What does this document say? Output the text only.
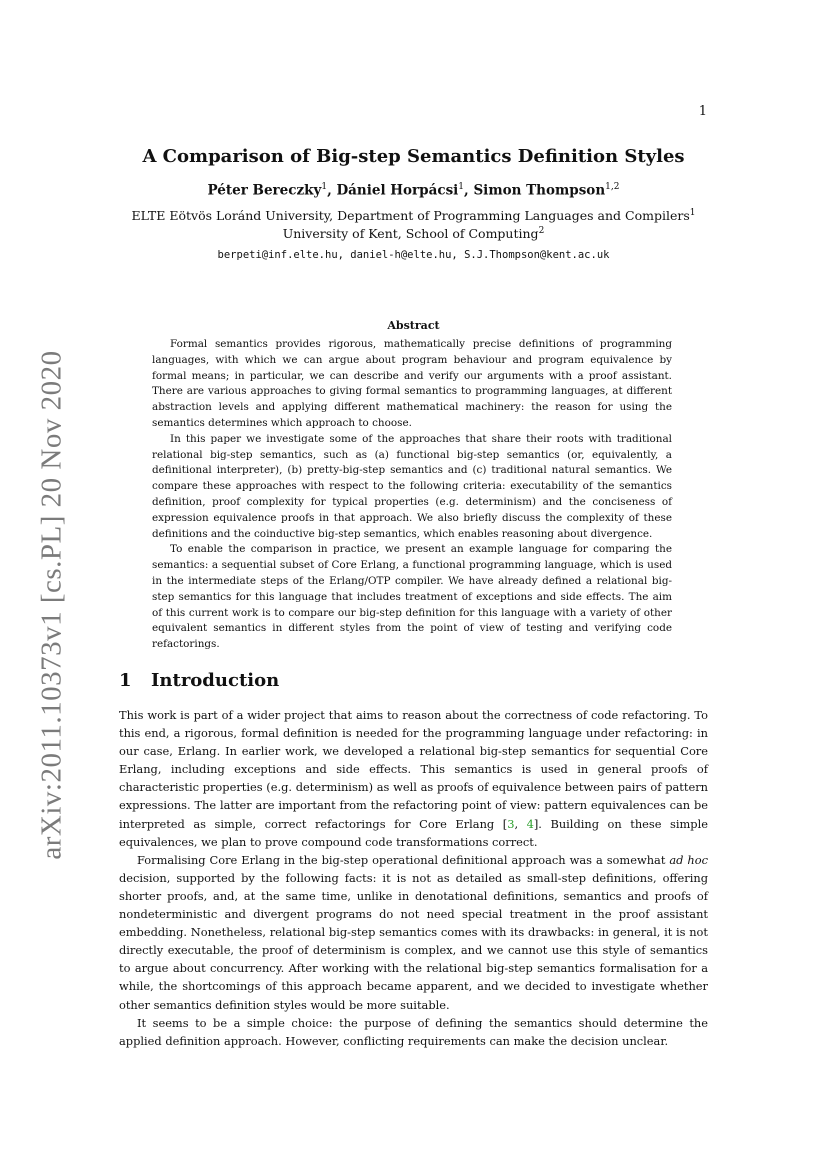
1
arXiv:2011.10373v1 [cs.PL] 20 Nov 2020
A Comparison of Big-step Semantics Definition Styles
Péter Bereczky$^1$, Dániel Horpácsi$^1$, Simon Thompson$^{1,2}$
ELTE Eötvös Loránd University, Department of Programming Languages and Compilers$^1$
University of Kent, School of Computing$^2$
berpeti@inf.elte.hu, daniel-h@elte.hu, S.J.Thompson@kent.ac.uk
Abstract

Formal semantics provides rigorous, mathematically precise definitions of programming languages, with which we can argue about program behaviour and program equivalence by formal means; in particular, we can describe and verify our arguments with a proof assistant. There are various approaches to giving formal semantics to programming languages, at different abstraction levels and applying different mathematical machinery: the reason for using the semantics determines which approach to choose.

In this paper we investigate some of the approaches that share their roots with traditional relational big-step semantics, such as (a) functional big-step semantics (or, equivalently, a definitional interpreter), (b) pretty-big-step semantics and (c) traditional natural semantics. We compare these approaches with respect to the following criteria: executability of the semantics definition, proof complexity for typical properties (e.g. determinism) and the conciseness of expression equivalence proofs in that approach. We also briefly discuss the complexity of these definitions and the coinductive big-step semantics, which enables reasoning about divergence.

To enable the comparison in practice, we present an example language for comparing the semantics: a sequential subset of Core Erlang, a functional programming language, which is used in the intermediate steps of the Erlang/OTP compiler. We have already defined a relational big-step semantics for this language that includes treatment of exceptions and side effects. The aim of this current work is to compare our big-step definition for this language with a variety of other equivalent semantics in different styles from the point of view of testing and verifying code refactorings.

1 Introduction

This work is part of a wider project that aims to reason about the correctness of code refactoring. To this end, a rigorous, formal definition is needed for the programming language under refactoring: in our case, Erlang. In earlier work, we developed a relational big-step semantics for sequential Core Erlang, including exceptions and side effects. This semantics is used in general proofs of characteristic properties (e.g. determinism) as well as proofs of equivalence between pairs of pattern expressions. The latter are important from the refactoring point of view: pattern equivalences can be interpreted as simple, correct refactorings for Core Erlang [3, 4]. Building on these simple equivalences, we plan to prove compound code transformations correct.

Formalising Core Erlang in the big-step operational definitional approach was a somewhat ad hoc decision, supported by the following facts: it is not as detailed as small-step definitions, offering shorter proofs, and, at the same time, unlike in denotational definitions, semantics and proofs of nondeterministic and divergent programs do not need special treatment in the proof assistant embedding. Nonetheless, relational big-step semantics comes with its drawbacks: in general, it is not directly executable, the proof of determinism is complex, and we cannot use this style of semantics to argue about concurrency. After working with the relational big-step semantics formalisation for a while, the shortcomings of this approach became apparent, and we decided to investigate whether other semantics definition styles would be more suitable.

It seems to be a simple choice: the purpose of defining the semantics should determine the applied definition approach. However, conflicting requirements can make the decision unclear.
